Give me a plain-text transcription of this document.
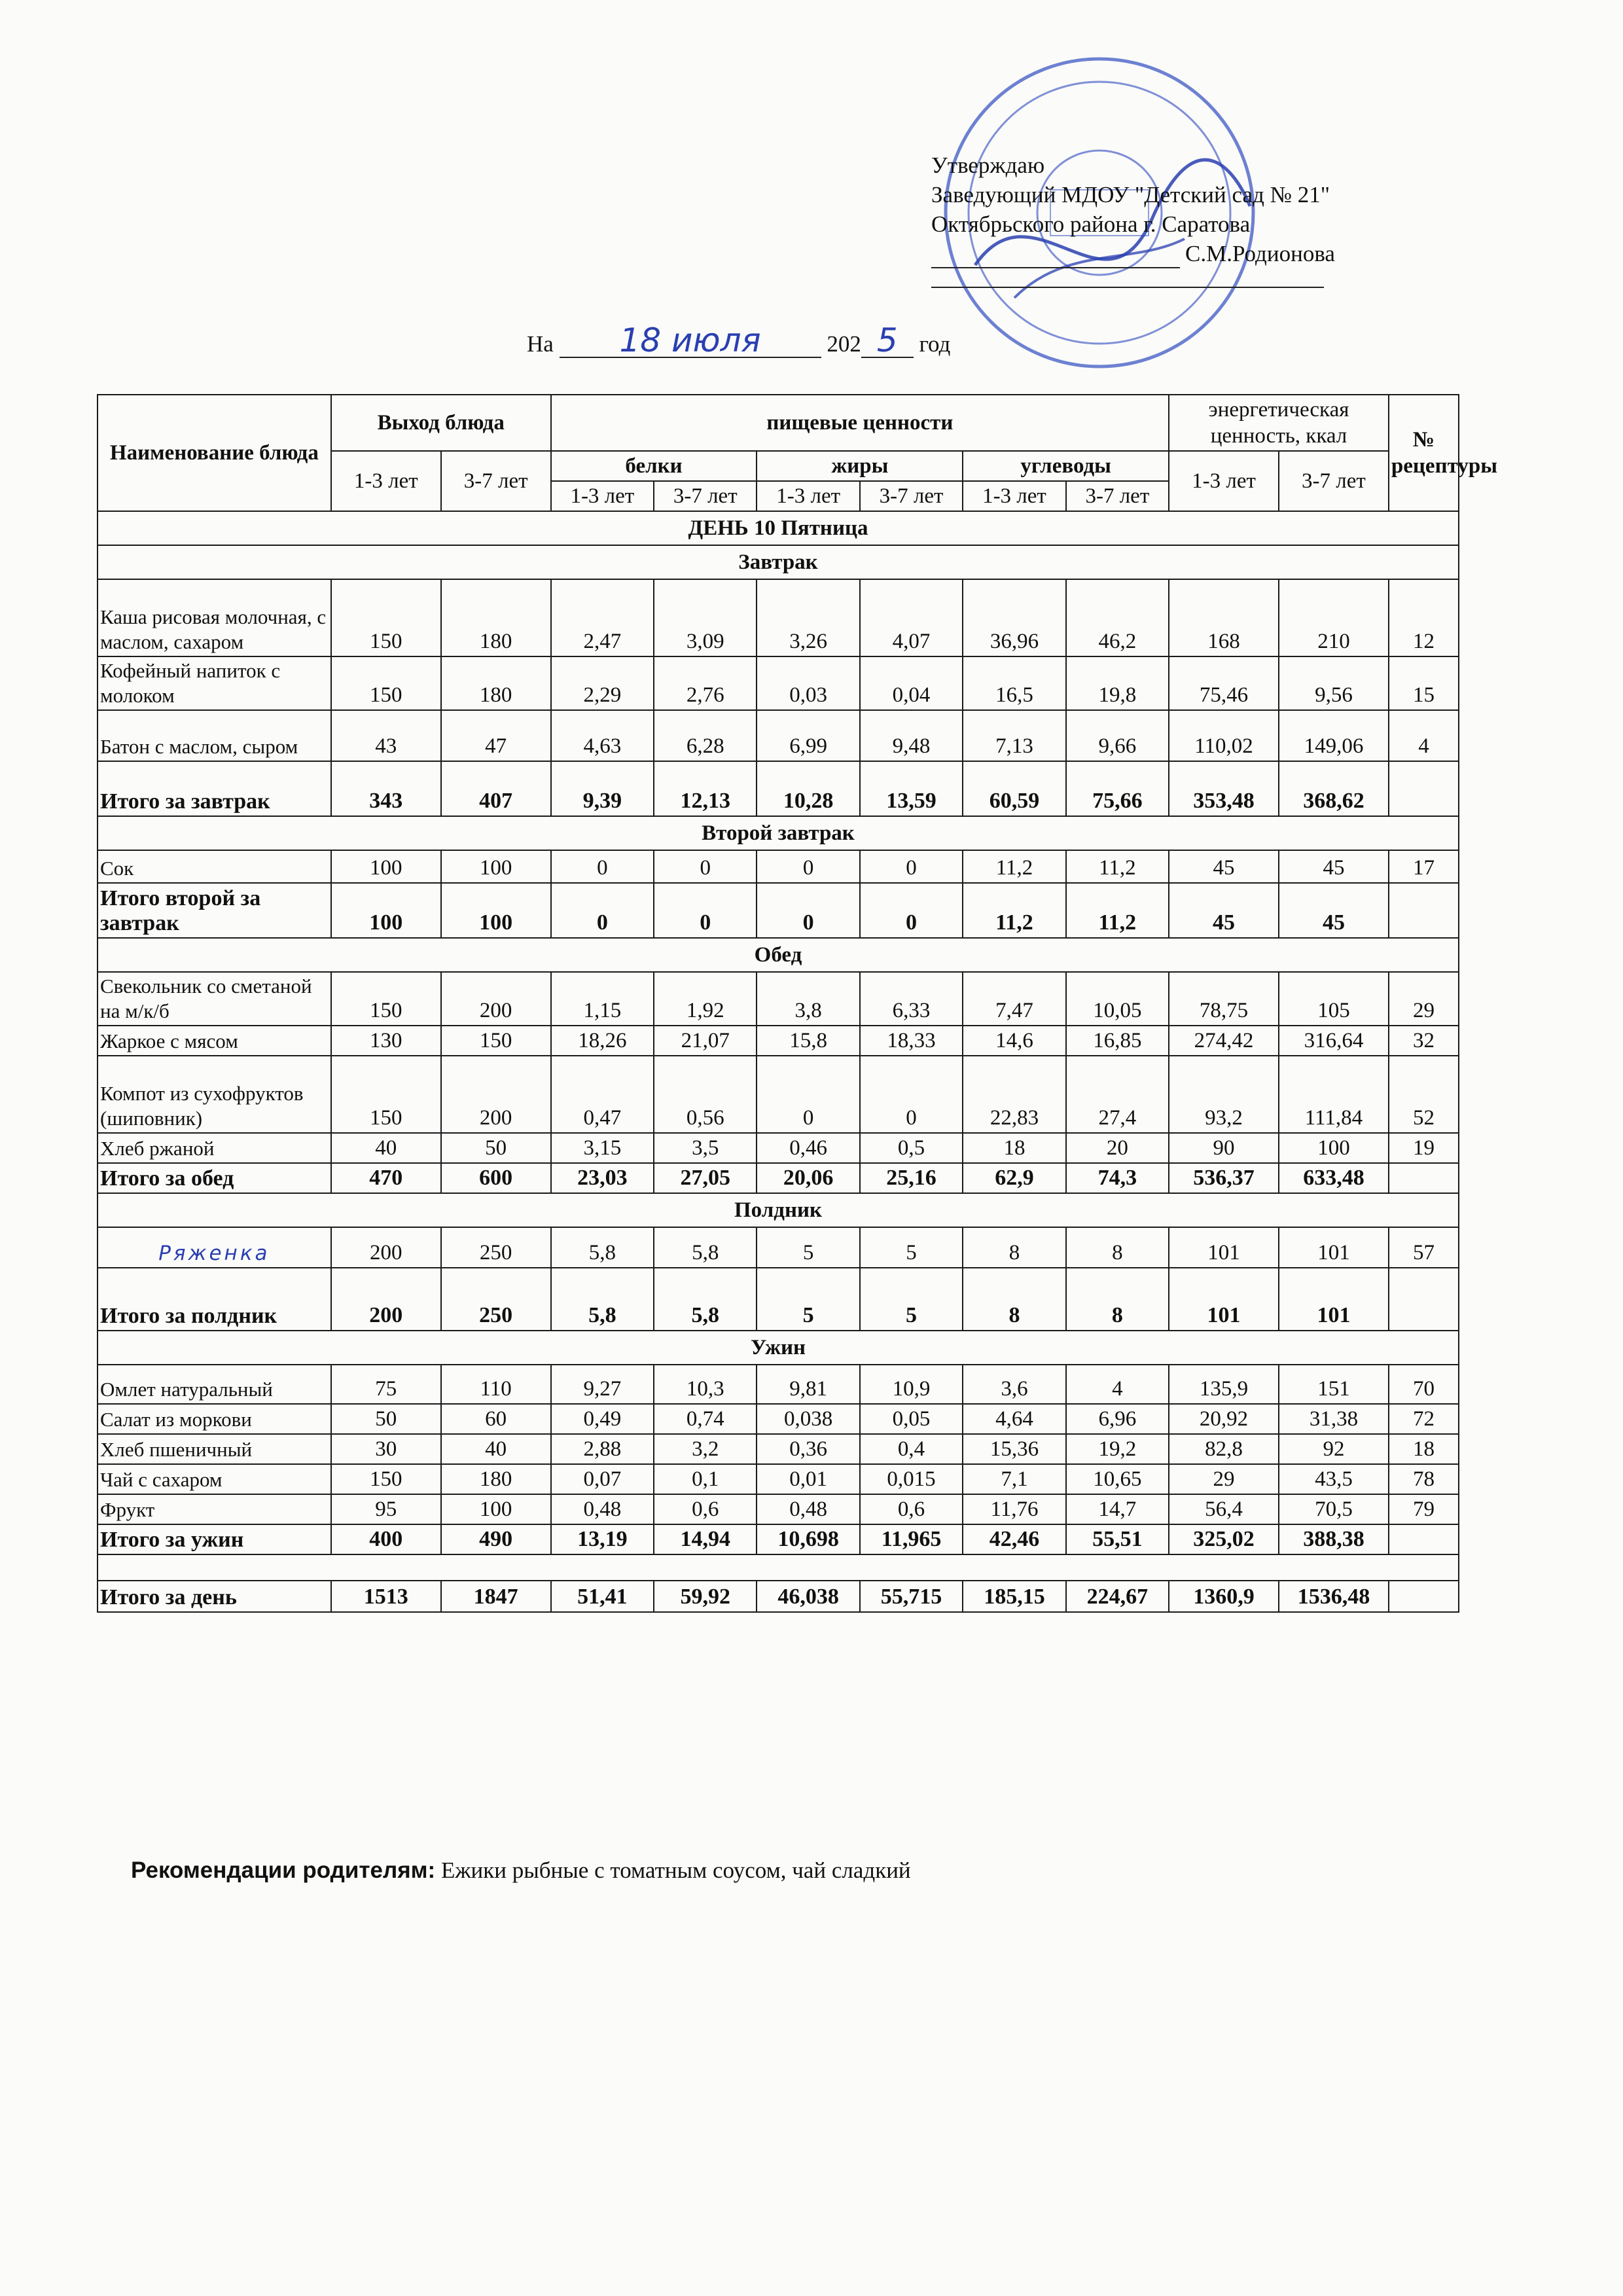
Утверждаю
Заведующий МДОУ "Детский сад № 21"
Октябрьского района г. Саратова
С.М.Родионова
На 18 июля	202 5 год
Наименование блюда	Выход блюда		пищевые ценности						энергетическая ценность, ккал		№ рецептуры
	1-3 лет	3-7 лет	белки		жиры		углеводы		1-3 лет	3-7 лет	
			1-3 лет	3-7 лет	1-3 лет	3-7 лет	1-3 лет	3-7 лет			
ДЕНЬ 10 Пятница											
Завтрак											
Каша рисовая молочная, с маслом, сахаром	150	180	2,47	3,09	3,26	4,07	36,96	46,2	168	210	12
Кофейный напиток с молоком	150	180	2,29	2,76	0,03	0,04	16,5	19,8	75,46	9,56	15
Батон с маслом, сыром	43	47	4,63	6,28	6,99	9,48	7,13	9,66	110,02	149,06	4
Итого за завтрак	343	407	9,39	12,13	10,28	13,59	60,59	75,66	353,48	368,62	
Второй завтрак											
Сок	100	100	0	0	0	0	11,2	11,2	45	45	17
Итого второй за завтрак	100	100	0	0	0	0	11,2	11,2	45	45	
Обед											
Свекольник со сметаной на м/к/б	150	200	1,15	1,92	3,8	6,33	7,47	10,05	78,75	105	29
Жаркое с мясом	130	150	18,26	21,07	15,8	18,33	14,6	16,85	274,42	316,64	32
Компот из сухофруктов (шиповник)	150	200	0,47	0,56	0	0	22,83	27,4	93,2	111,84	52
Хлеб ржаной	40	50	3,15	3,5	0,46	0,5	18	20	90	100	19
Итого за обед	470	600	23,03	27,05	20,06	25,16	62,9	74,3	536,37	633,48	
Полдник											
Ряженка	200	250	5,8	5,8	5	5	8	8	101	101	57
Итого за полдник	200	250	5,8	5,8	5	5	8	8	101	101	
Ужин											
Омлет натуральный	75	110	9,27	10,3	9,81	10,9	3,6	4	135,9	151	70
Салат из моркови	50	60	0,49	0,74	0,038	0,05	4,64	6,96	20,92	31,38	72
Хлеб пшеничный	30	40	2,88	3,2	0,36	0,4	15,36	19,2	82,8	92	18
Чай с сахаром	150	180	0,07	0,1	0,01	0,015	7,1	10,65	29	43,5	78
Фрукт	95	100	0,48	0,6	0,48	0,6	11,76	14,7	56,4	70,5	79
Итого за ужин	400	490	13,19	14,94	10,698	11,965	42,46	55,51	325,02	388,38	

Итого за день	1513	1847	51,41	59,92	46,038	55,715	185,15	224,67	1360,9	1536,48	
Рекомендации родителям: Ежики рыбные с томатным соусом, чай сладкий
